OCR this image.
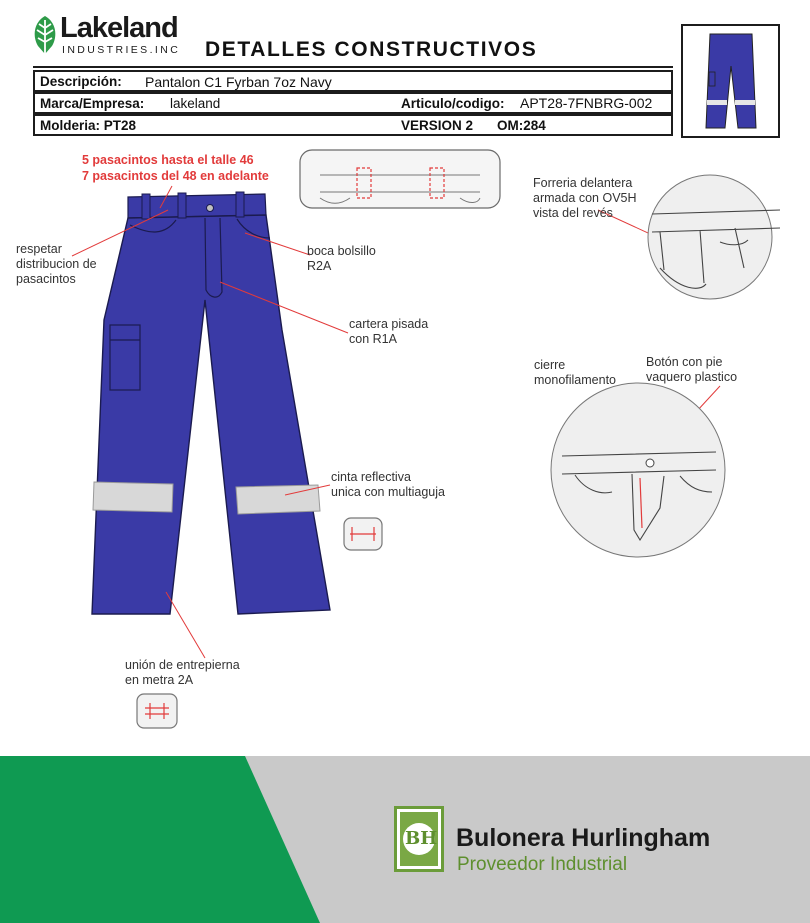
Lakeland
INDUSTRIES.INC DETALLES CONSTRUCTIVOS
Descripción: Pantalon C1 Fyrban 7oz Navy
Marca/Empresa: lakeland	Articulo/codigo: APT28-7FNBRG-002
Molderia: PT28	VERSION 2 OM:284
5 pasacintos hasta el talle 46
7 pasacintos del 48 en adelante
respetar
distribucion de
pasacintos
boca bolsillo
R2A
cartera pisada
con R1A
cinta reflectiva
unica con multiaguja
unión de entrepierna
en metra 2A
Forreria delantera
armada con OV5H
vista del revés
cierre
monofilamento
Botón con pie
vaquero plastico
BH Bulonera Hurlingham
Proveedor Industrial
